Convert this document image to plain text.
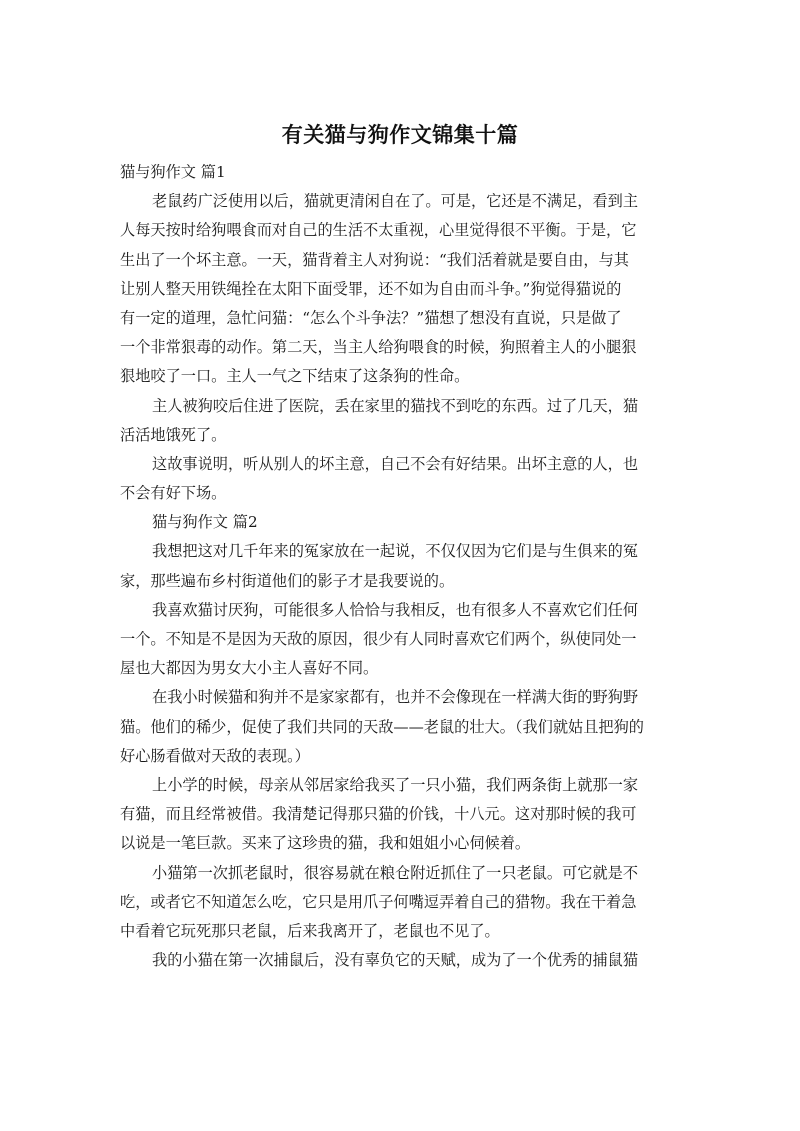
有关猫与狗作文锦集十篇
猫与狗作文 篇1
老鼠药广泛使用以后，猫就更清闲自在了。可是，它还是不满足，看到主
人每天按时给狗喂食而对自己的生活不太重视，心里觉得很不平衡。于是，它
生出了一个坏主意。一天，猫背着主人对狗说：“我们活着就是要自由，与其
让别人整天用铁绳拴在太阳下面受罪，还不如为自由而斗争。”狗觉得猫说的
有一定的道理，急忙问猫：“怎么个斗争法？”猫想了想没有直说，只是做了
一个非常狠毒的动作。第二天，当主人给狗喂食的时候，狗照着主人的小腿狠
狠地咬了一口。主人一气之下结束了这条狗的性命。
主人被狗咬后住进了医院，丢在家里的猫找不到吃的东西。过了几天，猫
活活地饿死了。
这故事说明，听从别人的坏主意，自己不会有好结果。出坏主意的人，也
不会有好下场。
猫与狗作文 篇2
我想把这对几千年来的冤家放在一起说，不仅仅因为它们是与生俱来的冤
家，那些遍布乡村街道他们的影子才是我要说的。
我喜欢猫讨厌狗，可能很多人恰恰与我相反，也有很多人不喜欢它们任何
一个。不知是不是因为天敌的原因，很少有人同时喜欢它们两个，纵使同处一
屋也大都因为男女大小主人喜好不同。
在我小时候猫和狗并不是家家都有，也并不会像现在一样满大街的野狗野
猫。他们的稀少，促使了我们共同的天敌——老鼠的壮大。（我们就姑且把狗的
好心肠看做对天敌的表现。）
上小学的时候，母亲从邻居家给我买了一只小猫，我们两条街上就那一家
有猫，而且经常被借。我清楚记得那只猫的价钱，十八元。这对那时候的我可
以说是一笔巨款。买来了这珍贵的猫，我和姐姐小心伺候着。
小猫第一次抓老鼠时，很容易就在粮仓附近抓住了一只老鼠。可它就是不
吃，或者它不知道怎么吃，它只是用爪子何嘴逗弄着自己的猎物。我在干着急
中看着它玩死那只老鼠，后来我离开了，老鼠也不见了。
我的小猫在第一次捕鼠后，没有辜负它的天赋，成为了一个优秀的捕鼠猫
